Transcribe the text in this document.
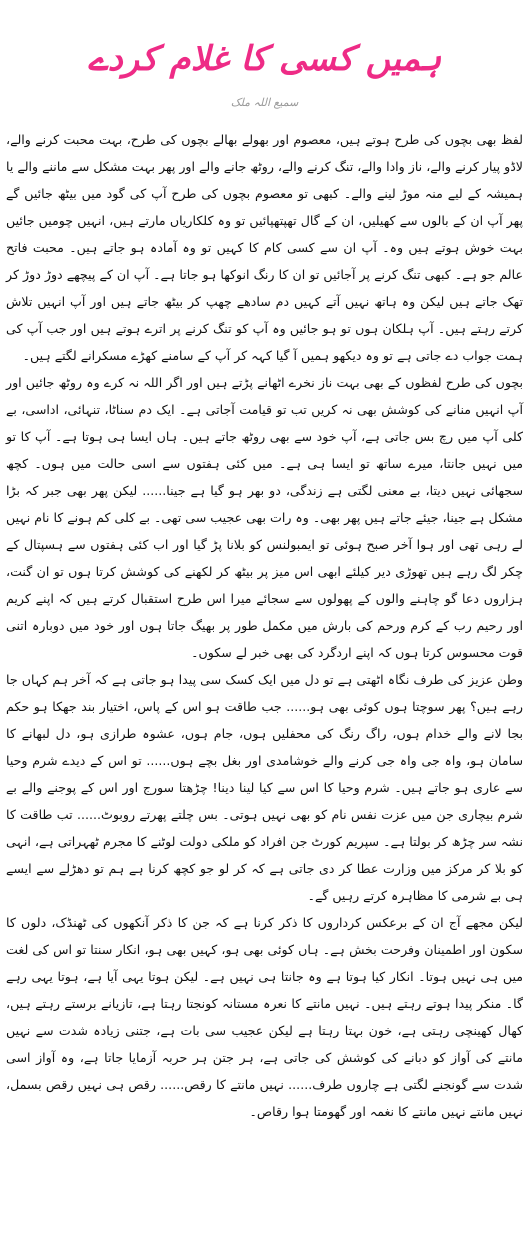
ہمیں کسی کا غلام کردے
سمیع اللہ ملک

لفظ بھی بچوں کی طرح ہوتے ہیں، معصوم اور بھولے بھالے بچوں کی طرح، بہت محبت کرنے والے، لاڈو پیار کرنے والے، ناز وادا والے، تنگ کرنے والے، روٹھ جانے والے اور پھر بہت مشکل سے ماننے والے یا ہمیشہ کے لیے منہ موڑ لینے والے۔ کبھی تو معصوم بچوں کی طرح آپ کی گود میں بیٹھ جائیں گے پھر آپ ان کے بالوں سے کھیلیں، ان کے گال تھپتھپائیں تو وہ کلکاریاں مارتے ہیں، انہیں چومیں جائیں بہت خوش ہوتے ہیں وہ۔ آپ ان سے کسی کام کا کہیں تو وہ آمادہ ہو جاتے ہیں۔ محبت فاتح عالم جو ہے۔ کبھی تنگ کرنے پر آجائیں تو ان کا رنگ انوکھا ہو جاتا ہے۔ آپ ان کے پیچھے دوڑ دوڑ کر تھک جاتے ہیں لیکن وہ ہاتھ نہیں آتے کہیں دم سادھے چھپ کر بیٹھ جاتے ہیں اور آپ انہیں تلاش کرتے رہتے ہیں۔ آپ ہلکان ہوں تو ہو جائیں وہ آپ کو تنگ کرنے پر اترے ہوتے ہیں اور جب آپ کی ہمت جواب دے جاتی ہے تو وہ دیکھو ہمیں آ گیا کہہ کر آپ کے سامنے کھڑے مسکرانے لگتے ہیں۔

بچوں کی طرح لفظوں کے بھی بہت ناز نخرے اٹھانے پڑتے ہیں اور اگر اللہ نہ کرے وہ روٹھ جائیں اور آپ انہیں منانے کی کوشش بھی نہ کریں تب تو قیامت آجاتی ہے۔ ایک دم سناٹا، تنہائی، اداسی، بے کلی آپ میں رچ بس جاتی ہے، آپ خود سے بھی روٹھ جاتے ہیں۔ ہاں ایسا ہی ہوتا ہے۔ آپ کا تو میں نہیں جانتا، میرے ساتھ تو ایسا ہی ہے۔ میں کئی ہفتوں سے اسی حالت میں ہوں۔ کچھ سجھائی نہیں دیتا، بے معنی لگتی ہے زندگی، دو بھر ہو گیا ہے جینا...... لیکن پھر بھی جبر کہ بڑا مشکل ہے جینا، جیئے جاتے ہیں پھر بھی۔ وہ رات بھی عجیب سی تھی۔ بے کلی کم ہونے کا نام نہیں لے رہی تھی اور ہوا آخر صبح ہوئی تو ایمبولنس کو بلانا پڑ گیا اور اب کئی ہفتوں سے ہسپتال کے چکر لگ رہے ہیں تھوڑی دیر کیلئے ابھی اس میز پر بیٹھ کر لکھنے کی کوشش کرتا ہوں تو ان گنت، ہزاروں دعا گو چاہنے والوں کے پھولوں سے سجائے میرا اس طرح استقبال کرتے ہیں کہ اپنے کریم اور رحیم رب کے کرم ورحم کی بارش میں مکمل طور پر بھیگ جاتا ہوں اور خود میں دوبارہ اتنی قوت محسوس کرتا ہوں کہ اپنے اردگرد کی بھی خبر لے سکوں۔

وطن عزیز کی طرف نگاہ اٹھتی ہے تو دل میں ایک کسک سی پیدا ہو جاتی ہے کہ آخر ہم کہاں جا رہے ہیں؟ پھر سوچتا ہوں کوئی بھی ہو...... جب طاقت ہو اس کے پاس، اختیار بند جھکا ہو حکم بجا لانے والے خدام ہوں، راگ رنگ کی محفلیں ہوں، جام ہوں، عشوہ طرازی ہو، دل لبھانے کا سامان ہو، واہ جی واہ جی کرنے والے خوشامدی اور بغل بچے ہوں...... تو اس کے دیدے شرم وحیا سے عاری ہو جاتے ہیں۔ شرم وحیا کا اس سے کیا لینا دینا! چڑھتا سورج اور اس کے پوجنے والے بے شرم بیچاری جن میں عزت نفس نام کو بھی نہیں ہوتی۔ بس چلتے پھرتے روبوٹ...... تب طاقت کا نشہ سر چڑھ کر بولتا ہے۔ سپریم کورٹ جن افراد کو ملکی دولت لوٹنے کا مجرم ٹھہراتی ہے، انہی کو بلا کر مرکز میں وزارت عطا کر دی جاتی ہے کہ کر لو جو کچھ کرنا ہے ہم تو دھڑلے سے ایسے ہی بے شرمی کا مظاہرہ کرتے رہیں گے۔

لیکن مجھے آج ان کے برعکس کرداروں کا ذکر کرنا ہے کہ جن کا ذکر آنکھوں کی ٹھنڈک، دلوں کا سکون اور اطمینان وفرحت بخش ہے۔ ہاں کوئی بھی ہو، کہیں بھی ہو، انکار سنتا تو اس کی لغت میں ہی نہیں ہوتا۔ انکار کیا ہوتا ہے وہ جانتا ہی نہیں ہے۔ لیکن ہوتا یہی آیا ہے، ہوتا یہی رہے گا۔ منکر پیدا ہوتے رہتے ہیں۔ نہیں مانتے کا نعرہ مستانہ کونجتا رہتا ہے، تازیانے برستے رہتے ہیں، کھال کھینچی رہتی ہے، خون بہتا رہتا ہے لیکن عجیب سی بات ہے، جتنی زیادہ شدت سے نہیں مانتے کی آواز کو دبانے کی کوشش کی جاتی ہے، ہر جتن ہر حربہ آزمایا جاتا ہے، وہ آواز اسی شدت سے گونجنے لگتی ہے چاروں طرف...... نہیں مانتے کا رقص...... رقص ہی نہیں رقص بسمل، نہیں مانتے نہیں مانتے کا نغمہ اور گھومتا ہوا رقاص۔
